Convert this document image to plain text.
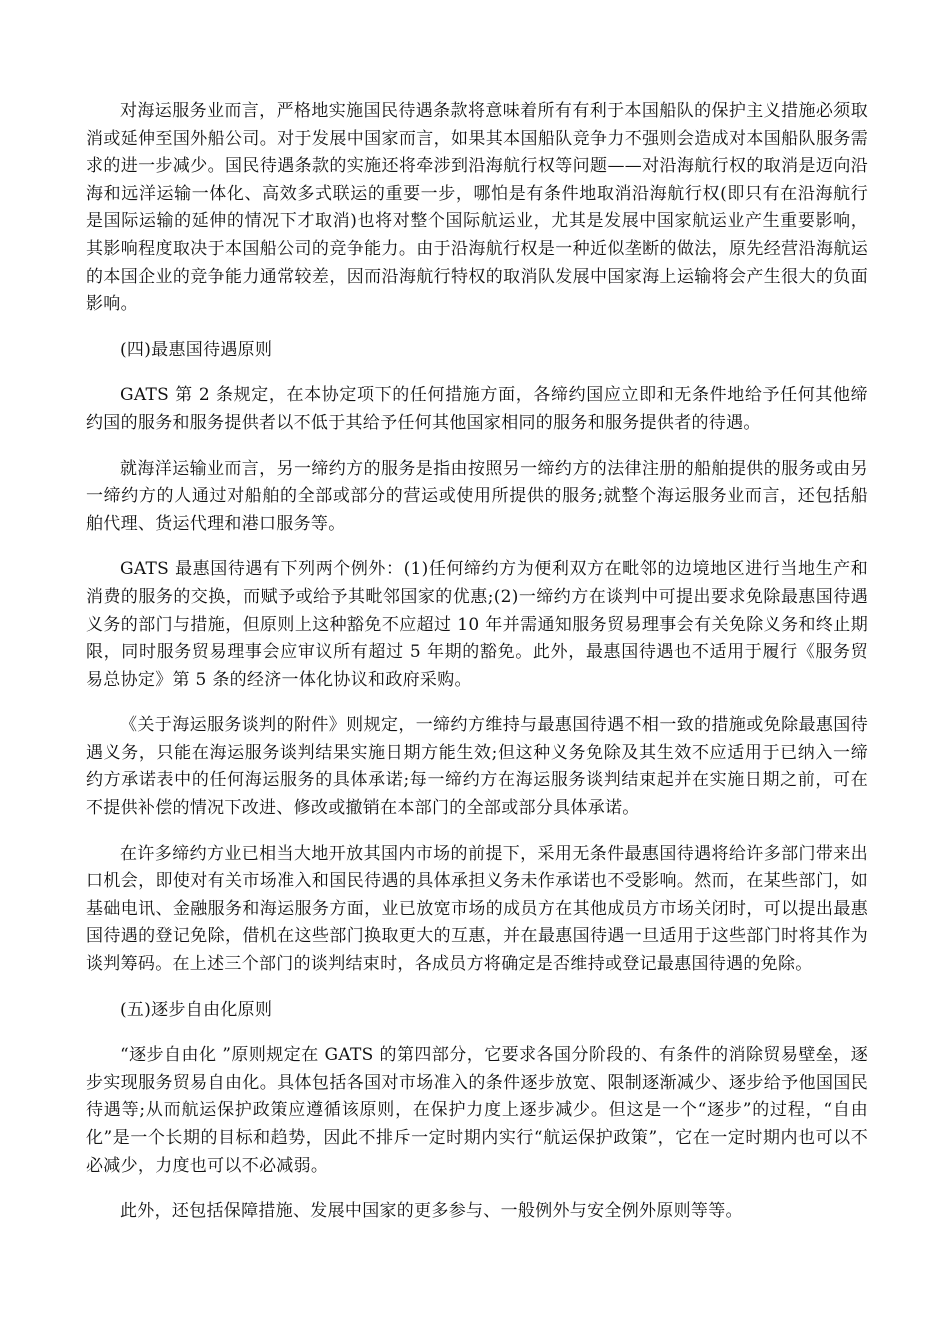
对海运服务业而言，严格地实施国民待遇条款将意味着所有有利于本国船队的保护主义措施必须取消或延伸至国外船公司。对于发展中国家而言，如果其本国船队竞争力不强则会造成对本国船队服务需求的进一步减少。国民待遇条款的实施还将牵涉到沿海航行权等问题——对沿海航行权的取消是迈向沿海和远洋运输一体化、高效多式联运的重要一步，哪怕是有条件地取消沿海航行权(即只有在沿海航行是国际运输的延伸的情况下才取消)也将对整个国际航运业，尤其是发展中国家航运业产生重要影响，其影响程度取决于本国船公司的竞争能力。由于沿海航行权是一种近似垄断的做法，原先经营沿海航运的本国企业的竞争能力通常较差，因而沿海航行特权的取消队发展中国家海上运输将会产生很大的负面影响。

(四)最惠国待遇原则

GATS 第 2 条规定，在本协定项下的任何措施方面，各缔约国应立即和无条件地给予任何其他缔约国的服务和服务提供者以不低于其给予任何其他国家相同的服务和服务提供者的待遇。

就海洋运输业而言，另一缔约方的服务是指由按照另一缔约方的法律注册的船舶提供的服务或由另一缔约方的人通过对船舶的全部或部分的营运或使用所提供的服务;就整个海运服务业而言，还包括船舶代理、货运代理和港口服务等。

GATS 最惠国待遇有下列两个例外：(1)任何缔约方为便利双方在毗邻的边境地区进行当地生产和消费的服务的交换，而赋予或给予其毗邻国家的优惠;(2)一缔约方在谈判中可提出要求免除最惠国待遇义务的部门与措施，但原则上这种豁免不应超过 10 年并需通知服务贸易理事会有关免除义务和终止期限，同时服务贸易理事会应审议所有超过 5 年期的豁免。此外，最惠国待遇也不适用于履行《服务贸易总协定》第 5 条的经济一体化协议和政府采购。

《关于海运服务谈判的附件》则规定，一缔约方维持与最惠国待遇不相一致的措施或免除最惠国待遇义务，只能在海运服务谈判结果实施日期方能生效;但这种义务免除及其生效不应适用于已纳入一缔约方承诺表中的任何海运服务的具体承诺;每一缔约方在海运服务谈判结束起并在实施日期之前，可在不提供补偿的情况下改进、修改或撤销在本部门的全部或部分具体承诺。

在许多缔约方业已相当大地开放其国内市场的前提下，采用无条件最惠国待遇将给许多部门带来出口机会，即使对有关市场准入和国民待遇的具体承担义务未作承诺也不受影响。然而，在某些部门，如基础电讯、金融服务和海运服务方面，业已放宽市场的成员方在其他成员方市场关闭时，可以提出最惠国待遇的登记免除，借机在这些部门换取更大的互惠，并在最惠国待遇一旦适用于这些部门时将其作为谈判筹码。在上述三个部门的谈判结束时，各成员方将确定是否维持或登记最惠国待遇的免除。

(五)逐步自由化原则

“逐步自由化 ”原则规定在 GATS 的第四部分，它要求各国分阶段的、有条件的消除贸易壁垒，逐步实现服务贸易自由化。具体包括各国对市场准入的条件逐步放宽、限制逐渐减少、逐步给予他国国民待遇等;从而航运保护政策应遵循该原则，在保护力度上逐步减少。但这是一个“逐步”的过程，“自由化”是一个长期的目标和趋势，因此不排斥一定时期内实行“航运保护政策”，它在一定时期内也可以不必减少，力度也可以不必减弱。

此外，还包括保障措施、发展中国家的更多参与、一般例外与安全例外原则等等。
